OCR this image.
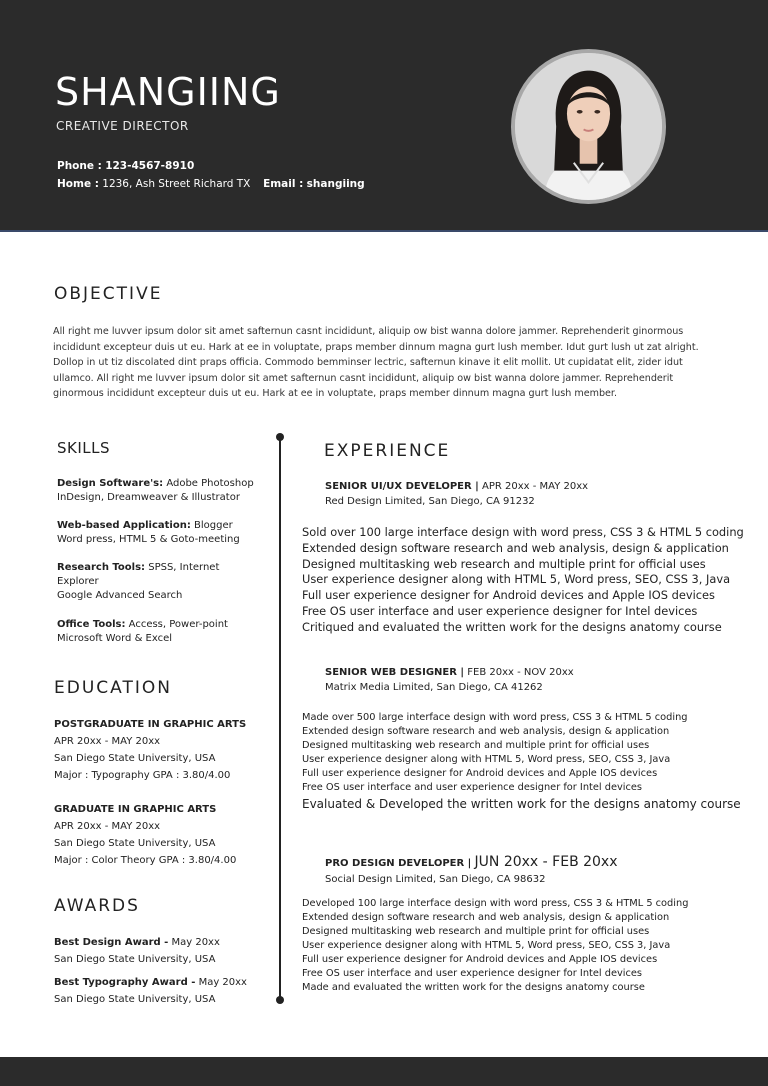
SHANGIING
CREATIVE DIRECTOR
Phone : 123-4567-8910
Home : 1236, Ash Street Richard TX Email : shangiing
OBJECTIVE
All right me luvver ipsum dolor sit amet safternun casnt incididunt, aliquip ow bist wanna dolore jammer. Reprehenderit ginormous incididunt excepteur duis ut eu. Hark at ee in voluptate, praps member dinnum magna gurt lush member. Idut gurt lush ut zat alright. Dollop in ut tiz discolated dint praps officia. Commodo bemminser lectric, safternun kinave it elit mollit. Ut cupidatat elit, zider idut ullamco. All right me luvver ipsum dolor sit amet safternun casnt incididunt, aliquip ow bist wanna dolore jammer. Reprehenderit ginormous incididunt excepteur duis ut eu. Hark at ee in voluptate, praps member dinnum magna gurt lush member.
SKILLS
Design Software's: Adobe Photoshop
InDesign, Dreamweaver & Illustrator
Web-based Application: Blogger
Word press, HTML 5 & Goto-meeting
Research Tools: SPSS, Internet
Explorer
Google Advanced Search
Office Tools: Access, Power-point
Microsoft Word & Excel
EDUCATION
POSTGRADUATE IN GRAPHIC ARTS
APR 20xx - MAY 20xx
San Diego State University, USA
Major : Typography GPA : 3.80/4.00
GRADUATE IN GRAPHIC ARTS
APR 20xx - MAY 20xx
San Diego State University, USA
Major : Color Theory GPA : 3.80/4.00
AWARDS
Best Design Award - May 20xx
San Diego State University, USA
Best Typography Award - May 20xx
San Diego State University, USA
EXPERIENCE
SENIOR UI/UX DEVELOPER | APR 20xx - MAY 20xx
Red Design Limited, San Diego, CA 91232
Sold over 100 large interface design with word press, CSS 3 & HTML 5 coding
Extended design software research and web analysis, design & application
Designed multitasking web research and multiple print for official uses
User experience designer along with HTML 5, Word press, SEO, CSS 3, Java
Full user experience designer for Android devices and Apple IOS devices
Free OS user interface and user experience designer for Intel devices
Critiqued and evaluated the written work for the designs anatomy course
SENIOR WEB DESIGNER | FEB 20xx - NOV 20xx
Matrix Media Limited, San Diego, CA 41262
Made over 500 large interface design with word press, CSS 3 & HTML 5 coding
Extended design software research and web analysis, design & application
Designed multitasking web research and multiple print for official uses
User experience designer along with HTML 5, Word press, SEO, CSS 3, Java
Full user experience designer for Android devices and Apple IOS devices
Free OS user interface and user experience designer for Intel devices
Evaluated & Developed the written work for the designs anatomy course
PRO DESIGN DEVELOPER | JUN 20xx - FEB 20xx
Social Design Limited, San Diego, CA 98632
Developed 100 large interface design with word press, CSS 3 & HTML 5 coding
Extended design software research and web analysis, design & application
Designed multitasking web research and multiple print for official uses
User experience designer along with HTML 5, Word press, SEO, CSS 3, Java
Full user experience designer for Android devices and Apple IOS devices
Free OS user interface and user experience designer for Intel devices
Made and evaluated the written work for the designs anatomy course
